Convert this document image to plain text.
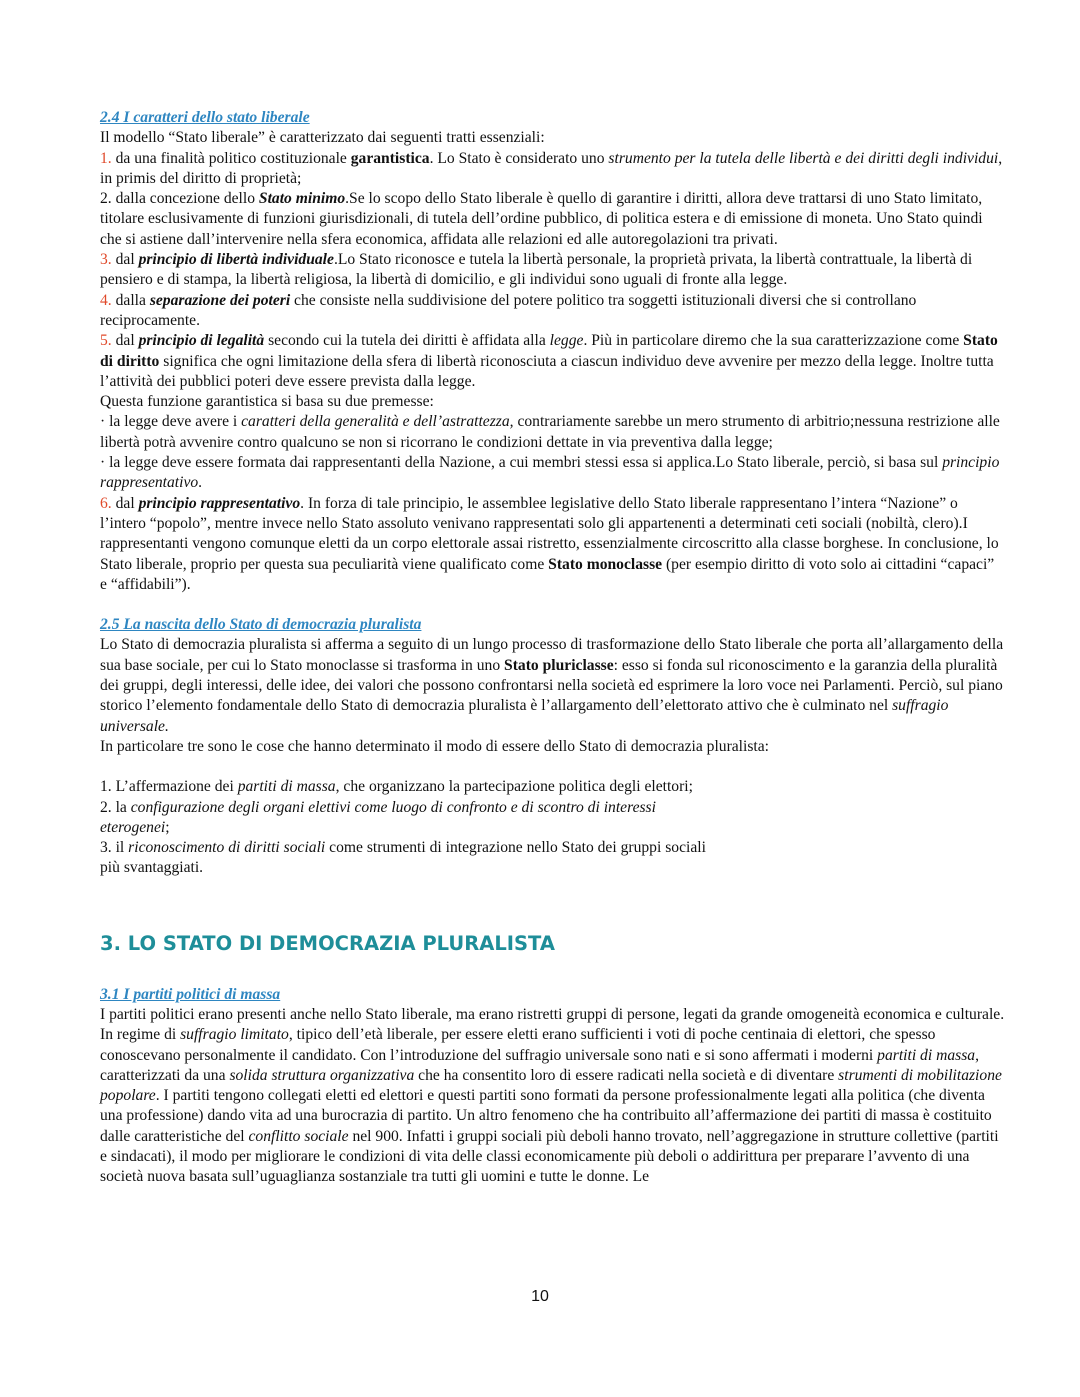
2.4 I caratteri dello stato liberale

Il modello “Stato liberale” è caratterizzato dai seguenti tratti essenziali:

1. da una finalità politico costituzionale garantistica. Lo Stato è considerato uno strumento per la tutela delle libertà e dei diritti degli individui, in primis del diritto di proprietà;

2. dalla concezione dello Stato minimo.Se lo scopo dello Stato liberale è quello di garantire i diritti, allora deve trattarsi di uno Stato limitato, titolare esclusivamente di funzioni giurisdizionali, di tutela dell’ordine pubblico, di politica estera e di emissione di moneta. Uno Stato quindi che si astiene dall’intervenire nella sfera economica, affidata alle relazioni ed alle autoregolazioni tra privati.

3. dal principio di libertà individuale.Lo Stato riconosce e tutela la libertà personale, la proprietà privata, la libertà contrattuale, la libertà di pensiero e di stampa, la libertà religiosa, la libertà di domicilio, e gli individui sono uguali di fronte alla legge.

4. dalla separazione dei poteri che consiste nella suddivisione del potere politico tra soggetti istituzionali diversi che si controllano reciprocamente.

5. dal principio di legalità secondo cui la tutela dei diritti è affidata alla legge. Più in particolare diremo che la sua caratterizzazione come Stato di diritto significa che ogni limitazione della sfera di libertà riconosciuta a ciascun individuo deve avvenire per mezzo della legge. Inoltre tutta l’attività dei pubblici poteri deve essere prevista dalla legge.

Questa funzione garantistica si basa su due premesse:

· la legge deve avere i caratteri della generalità e dell’astrattezza, contrariamente sarebbe un mero strumento di arbitrio;nessuna restrizione alle libertà potrà avvenire contro qualcuno se non si ricorrano le condizioni dettate in via preventiva dalla legge;

· la legge deve essere formata dai rappresentanti della Nazione, a cui membri stessi essa si applica.Lo Stato liberale, perciò, si basa sul principio rappresentativo.

6. dal principio rappresentativo. In forza di tale principio, le assemblee legislative dello Stato liberale rappresentano l’intera “Nazione” o l’intero “popolo”, mentre invece nello Stato assoluto venivano rappresentati solo gli appartenenti a determinati ceti sociali (nobiltà, clero).I rappresentanti vengono comunque eletti da un corpo elettorale assai ristretto, essenzialmente circoscritto alla classe borghese. In conclusione, lo Stato liberale, proprio per questa sua peculiarità viene qualificato come Stato monoclasse (per esempio diritto di voto solo ai cittadini “capaci” e “affidabili”).

2.5 La nascita dello Stato di democrazia pluralista

Lo Stato di democrazia pluralista si afferma a seguito di un lungo processo di trasformazione dello Stato liberale che porta all’allargamento della sua base sociale, per cui lo Stato monoclasse si trasforma in uno Stato pluriclasse: esso si fonda sul riconoscimento e la garanzia della pluralità dei gruppi, degli interessi, delle idee, dei valori che possono confrontarsi nella società ed esprimere la loro voce nei Parlamenti. Perciò, sul piano storico l’elemento fondamentale dello Stato di democrazia pluralista è l’allargamento dell’elettorato attivo che è culminato nel suffragio universale.

In particolare tre sono le cose che hanno determinato il modo di essere dello Stato di democrazia pluralista:

1. L’affermazione dei partiti di massa, che organizzano la partecipazione politica degli elettori;

2. la configurazione degli organi elettivi come luogo di confronto e di scontro di interessi
eterogenei;

3. il riconoscimento di diritti sociali come strumenti di integrazione nello Stato dei gruppi sociali
più svantaggiati.

3. LO STATO DI DEMOCRAZIA PLURALISTA

3.1 I partiti politici di massa

I partiti politici erano presenti anche nello Stato liberale, ma erano ristretti gruppi di persone, legati da grande omogeneità economica e culturale. In regime di suffragio limitato, tipico dell’età liberale, per essere eletti erano sufficienti i voti di poche centinaia di elettori, che spesso conoscevano personalmente il candidato. Con l’introduzione del suffragio universale sono nati e si sono affermati i moderni partiti di massa, caratterizzati da una solida struttura organizzativa che ha consentito loro di essere radicati nella società e di diventare strumenti di mobilitazione popolare. I partiti tengono collegati eletti ed elettori e questi partiti sono formati da persone professionalmente legati alla politica (che diventa una professione) dando vita ad una burocrazia di partito. Un altro fenomeno che ha contribuito all’affermazione dei partiti di massa è costituito dalle caratteristiche del conflitto sociale nel 900. Infatti i gruppi sociali più deboli hanno trovato, nell’aggregazione in strutture collettive (partiti e sindacati), il modo per migliorare le condizioni di vita delle classi economicamente più deboli o addirittura per preparare l’avvento di una società nuova basata sull’uguaglianza sostanziale tra tutti gli uomini e tutte le donne. Le

10
